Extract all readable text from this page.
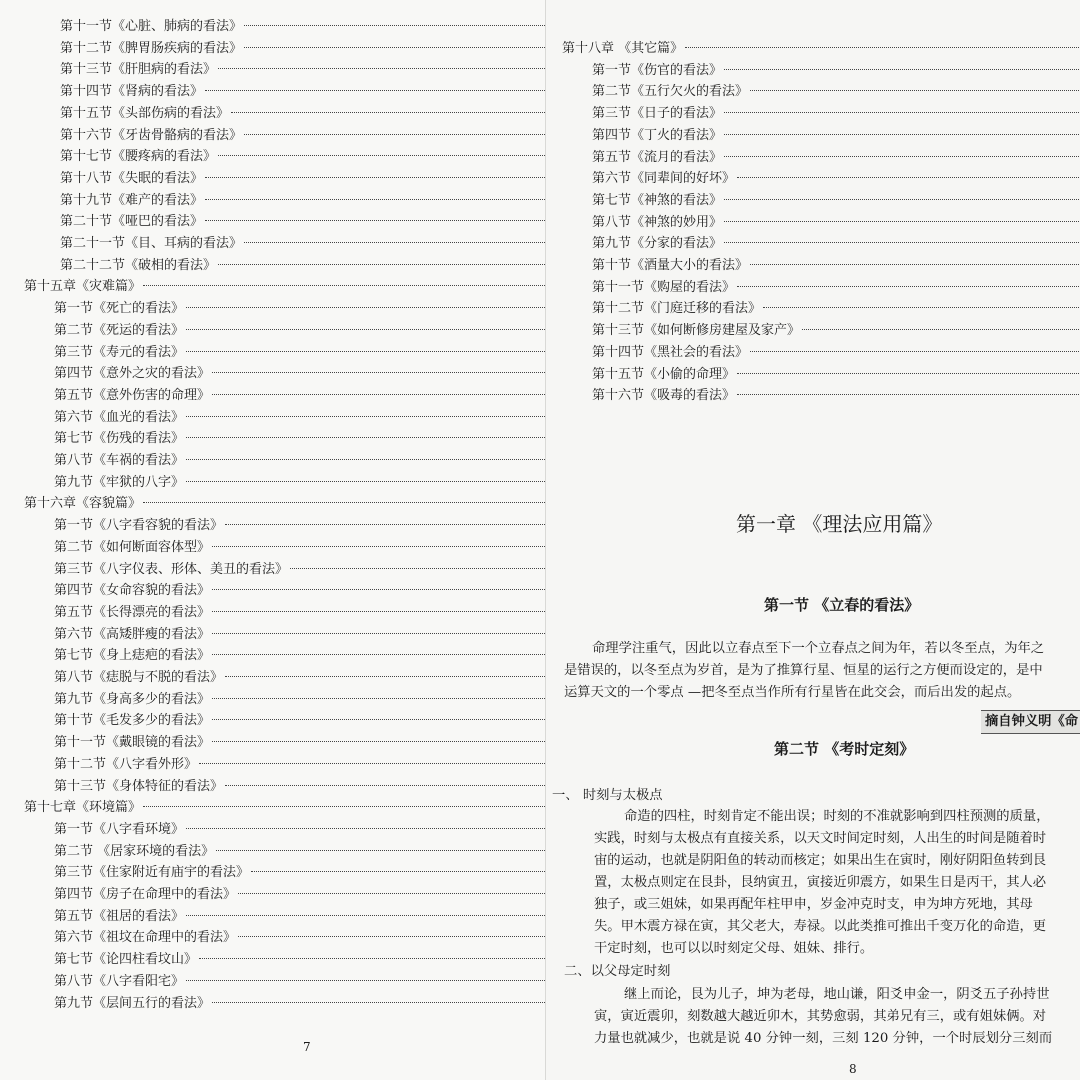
第十一节《心脏、肺病的看法》
第十二节《脾胃肠疾病的看法》
第十三节《肝胆病的看法》
第十四节《肾病的看法》
第十五节《头部伤病的看法》
第十六节《牙齿骨骼病的看法》
第十七节《腰疼病的看法》
第十八节《失眠的看法》
第十九节《难产的看法》
第二十节《哑巴的看法》
第二十一节《目、耳病的看法》
第二十二节《破相的看法》
第十五章《灾难篇》
第一节《死亡的看法》
第二节《死运的看法》
第三节《寿元的看法》
第四节《意外之灾的看法》
第五节《意外伤害的命理》
第六节《血光的看法》
第七节《伤残的看法》
第八节《车祸的看法》
第九节《牢狱的八字》
第十六章《容貌篇》
第一节《八字看容貌的看法》
第二节《如何断面容体型》
第三节《八字仪表、形体、美丑的看法》
第四节《女命容貌的看法》
第五节《长得漂亮的看法》
第六节《高矮胖瘦的看法》
第七节《身上痣疤的看法》
第八节《痣脱与不脱的看法》
第九节《身高多少的看法》
第十节《毛发多少的看法》
第十一节《戴眼镜的看法》
第十二节《八字看外形》
第十三节《身体特征的看法》
第十七章《环境篇》
第一节《八字看环境》
第二节 《居家环境的看法》
第三节《住家附近有庙宇的看法》
第四节《房子在命理中的看法》
第五节《祖居的看法》
第六节《祖坟在命理中的看法》
第七节《论四柱看坟山》
第八节《八字看阳宅》
第九节《层间五行的看法》
7
第十八章 《其它篇》
第一节《伤官的看法》
第二节《五行欠火的看法》
第三节《日子的看法》
第四节《丁火的看法》
第五节《流月的看法》
第六节《同辈间的好坏》
第七节《神煞的看法》
第八节《神煞的妙用》
第九节《分家的看法》
第十节《酒量大小的看法》
第十一节《购屋的看法》
第十二节《门庭迁移的看法》
第十三节《如何断修房建屋及家产》
第十四节《黑社会的看法》
第十五节《小偷的命理》
第十六节《吸毒的看法》
第一章 《理法应用篇》
第一节 《立春的看法》
命理学注重气，因此以立春点至下一个立春点之间为年，若以冬至点，为年之
是错误的，以冬至点为岁首，是为了推算行星、恒星的运行之方便而设定的，是中
运算天文的一个零点 —把冬至点当作所有行星皆在此交会，而后出发的起点。
摘自钟义明《命
第二节 《考时定刻》
一、 时刻与太极点
命造的四柱，时刻肯定不能出误；时刻的不准就影响到四柱预测的质量，
实践，时刻与太极点有直接关系，以天文时间定时刻，人出生的时间是随着时
宙的运动，也就是阴阳鱼的转动而核定；如果出生在寅时，刚好阴阳鱼转到艮
置，太极点则定在艮卦，艮纳寅丑，寅接近卯震方，如果生日是丙干，其人必
独子，或三姐妹，如果再配年柱甲申，岁金冲克时支，申为坤方死地，其母
失。甲木震方禄在寅，其父老大，寿禄。以此类推可推出千变万化的命造，更
干定时刻，也可以以时刻定父母、姐妹、排行。
二、以父母定时刻
继上而论，艮为儿子，坤为老母，地山谦，阳爻申金一，阴爻五子孙持世
寅，寅近震卯，刻数越大越近卯木，其势愈弱，其弟兄有三，或有姐妹俩。对
力量也就减少，也就是说 40 分钟一刻，三刻 120 分钟，一个时辰划分三刻而
8
